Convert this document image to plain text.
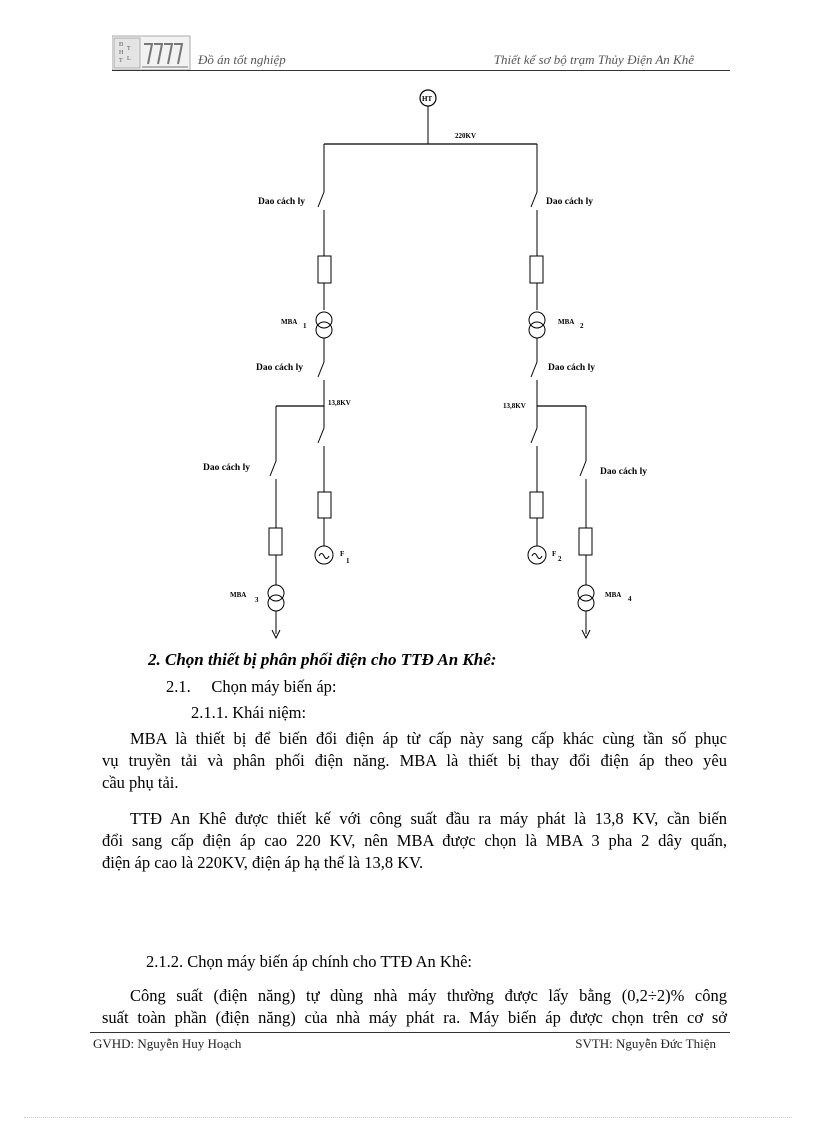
Đ
H
T
T
L	Đồ án tốt nghiệp	Thiết kế sơ bộ trạm Thủy Điện An Khê
HT
220KV
Dao cách ly	Dao cách ly
MBA 1	MBA 2
Dao cách ly	Dao cách ly
13,8KV	13,8KV
Dao cách ly	Dao cách ly
F
1
F
2
MBA
3
MBA 4
2. Chọn thiết bị phân phối điện cho TTĐ An Khê:
2.1.     Chọn máy biến áp:
2.1.1. Khái niệm:
MBA là thiết bị để biến đổi điện áp từ cấp này sang cấp khác cùng tần số phục
vụ truyền tải và phân phối điện năng. MBA là thiết bị thay đổi điện áp theo yêu
cầu phụ tải.
TTĐ An Khê được thiết kế với công suất đầu ra máy phát là 13,8 KV, cần biến
đổi sang cấp điện áp cao 220 KV, nên MBA được chọn là MBA 3 pha 2 dây quấn,
điện áp cao là 220KV, điện áp hạ thế là 13,8 KV.
2.1.2. Chọn máy biến áp chính cho TTĐ An Khê:
Công suất (điện năng) tự dùng nhà máy thường được lấy bằng (0,2÷2)% công
suất toàn phần (điện năng) của nhà máy phát ra. Máy biến áp được chọn trên cơ sở
GVHD: Nguyễn Huy Hoạch	SVTH: Nguyễn Đức Thiện
